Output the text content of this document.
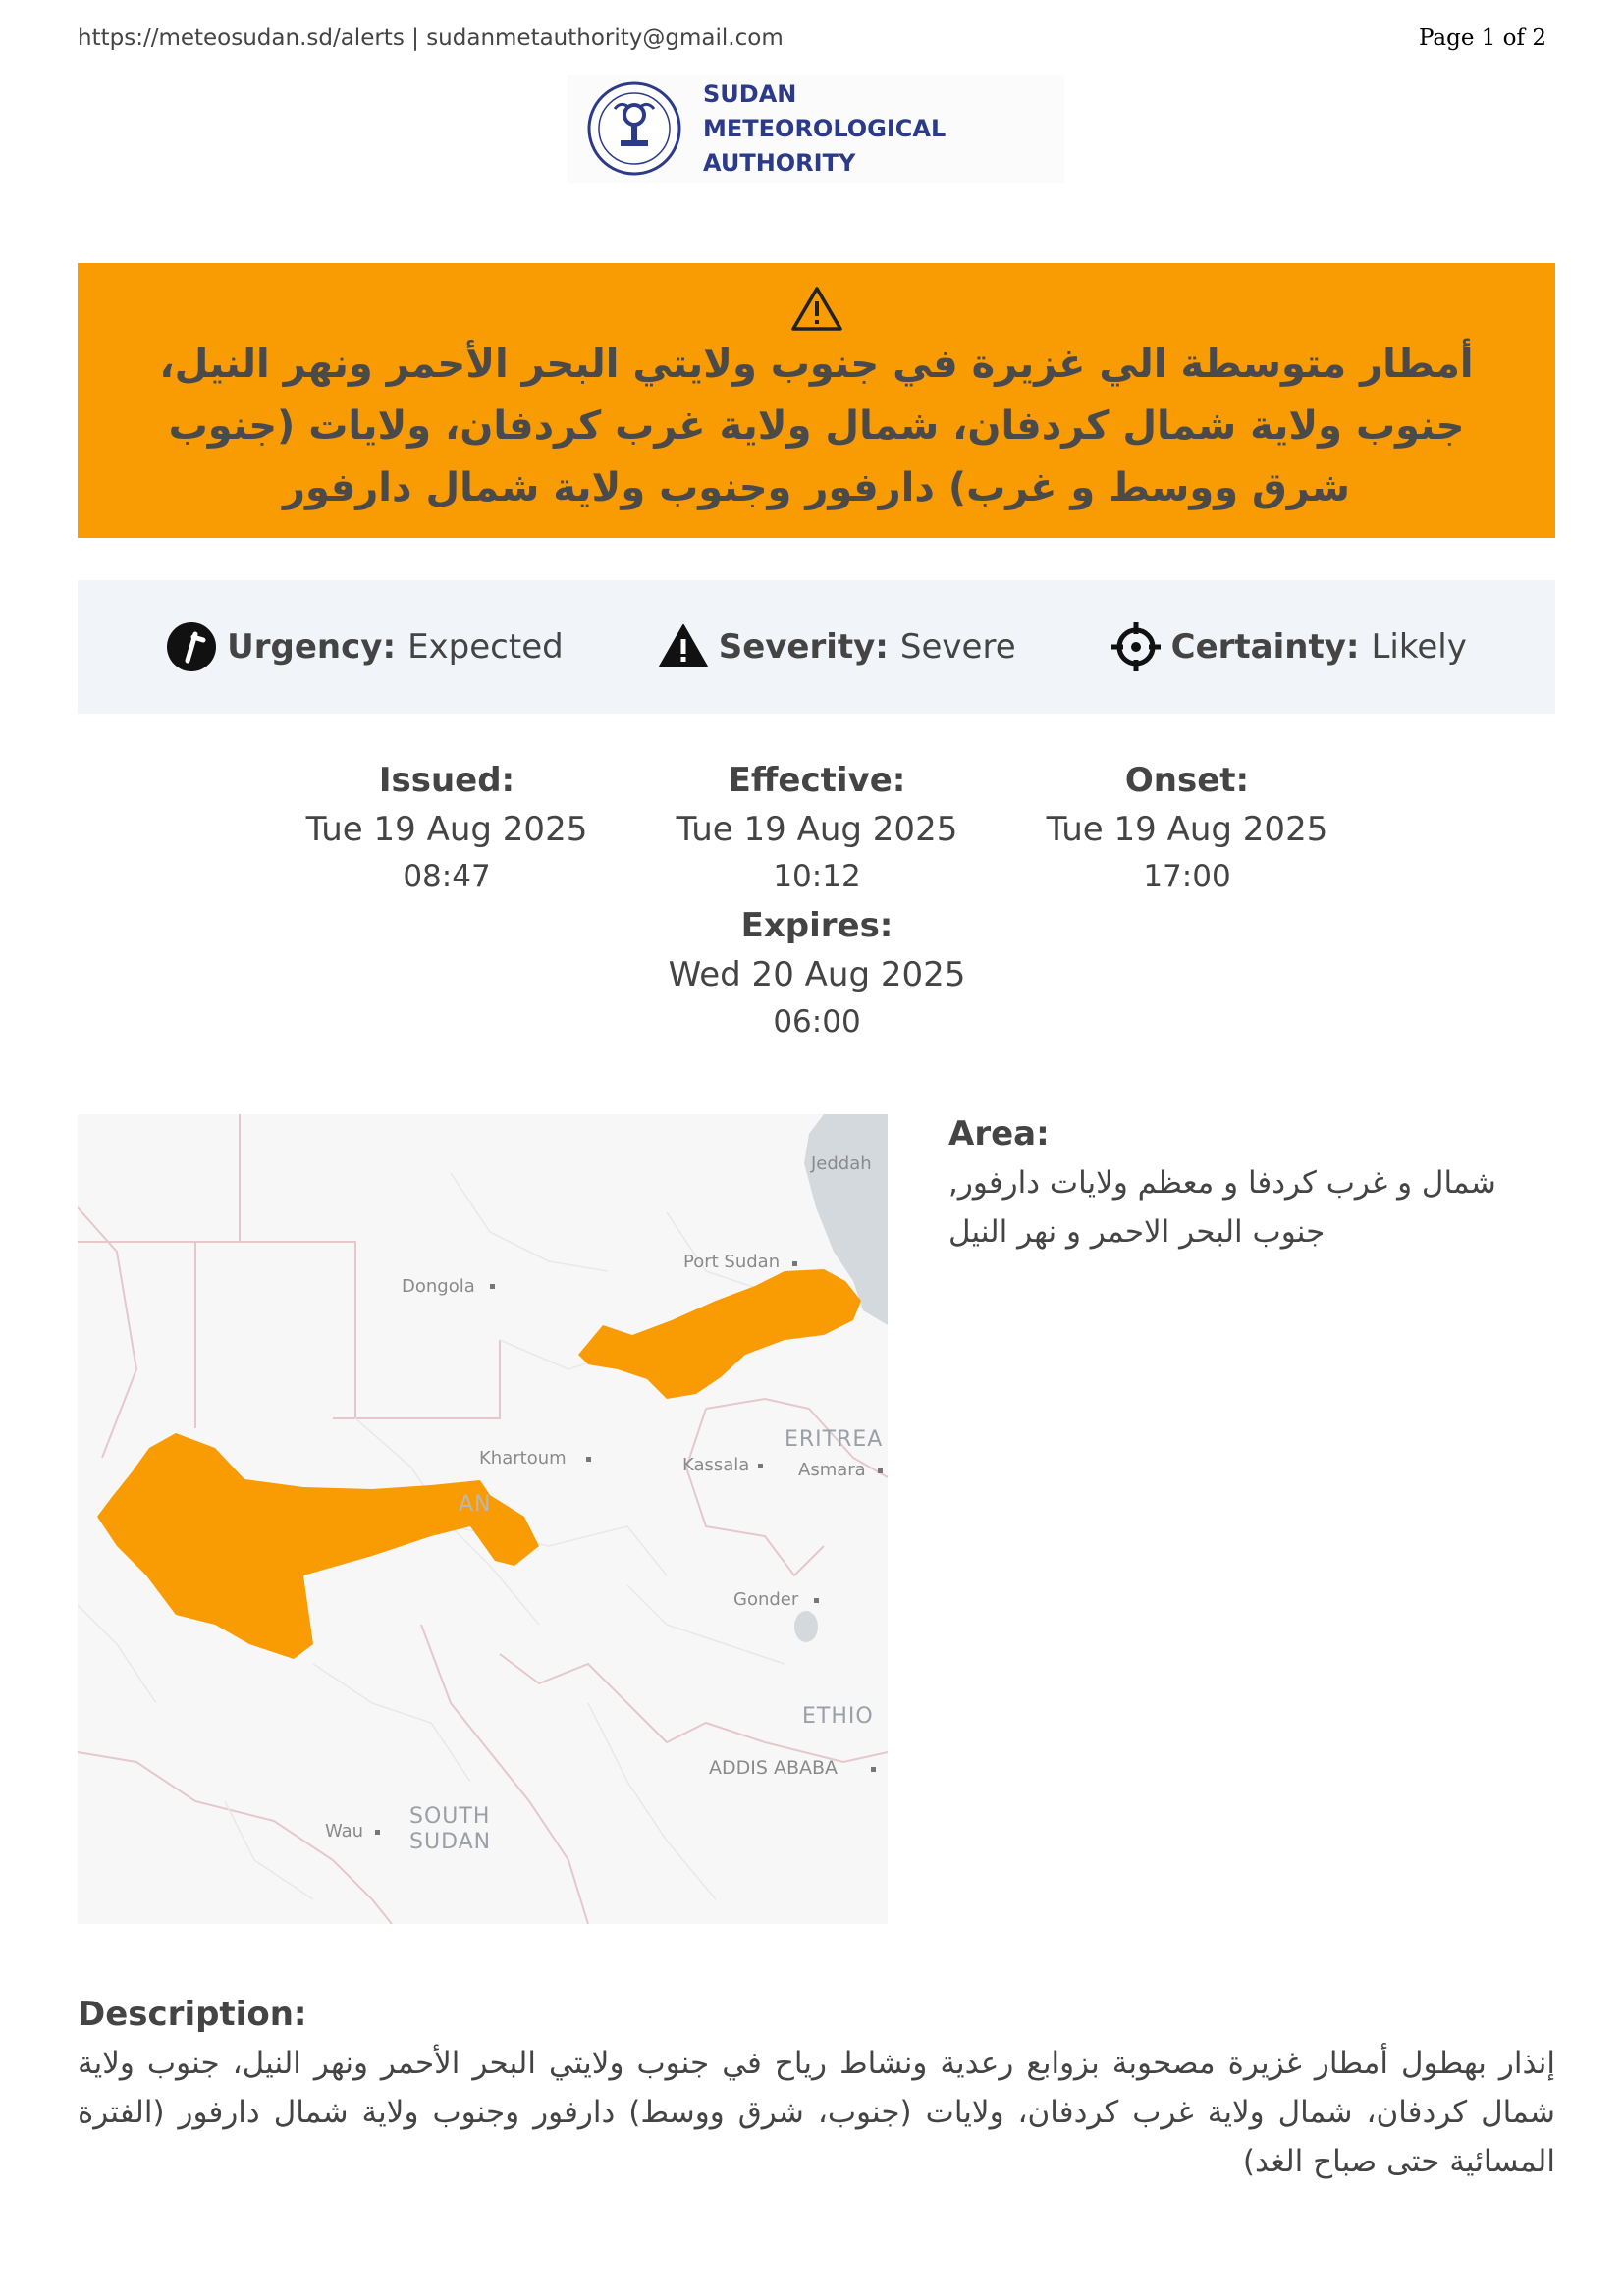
https://meteosudan.sd/alerts | sudanmetauthority@gmail.com	Page 1 of 2
SUDAN
METEOROLOGICAL
AUTHORITY
أمطار متوسطة الي غزيرة في جنوب ولايتي البحر الأحمر ونهر النيل، جنوب ولاية شمال كردفان، شمال ولاية غرب كردفان، ولايات (جنوب شرق ووسط و غرب) دارفور وجنوب ولاية شمال دارفور
Urgency: Expected	Severity: Severe	Certainty: Likely
Issued:
Tue 19 Aug 2025
08:47
Effective:
Tue 19 Aug 2025
10:12
Onset:
Tue 19 Aug 2025
17:00
Expires:
Wed 20 Aug 2025
06:00
Jeddah
Port Sudan
Dongola
Khartoum	Kassala	Asmara
Gonder
Wau
ERITREA
ETHIO
AN
SOUTH
SUDAN
ADDIS ABABA
Area:
شمال و غرب كردفا و معظم ولايات دارفور, جنوب البحر الاحمر و نهر النيل
Description:
إنذار بهطول أمطار غزيرة مصحوبة بزوابع رعدية ونشاط رياح في جنوب ولايتي البحر الأحمر ونهر النيل، جنوب ولاية شمال كردفان، شمال ولاية غرب كردفان، ولايات (جنوب، شرق ووسط) دارفور وجنوب ولاية شمال دارفور (الفترة المسائية حتى صباح الغد)
